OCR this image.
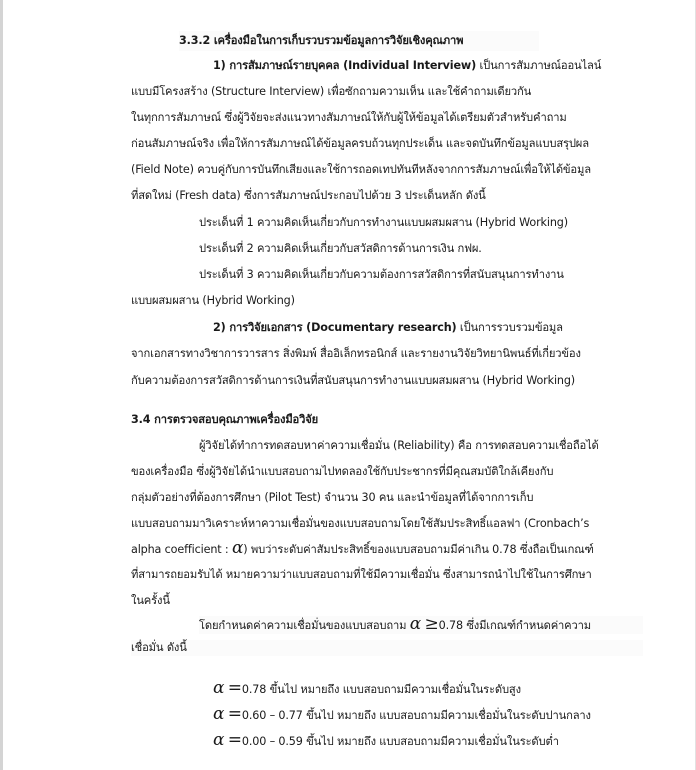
3.3.2 เครื่องมือในการเก็บรวบรวมข้อมูลการวิจัยเชิงคุณภาพ
1) การสัมภาษณ์รายบุคคล (Individual Interview) เป็นการสัมภาษณ์ออนไลน์
แบบมีโครงสร้าง (Structure Interview) เพื่อซักถามความเห็น และใช้คำถามเดียวกัน
ในทุกการสัมภาษณ์ ซึ่งผู้วิจัยจะส่งแนวทางสัมภาษณ์ให้กับผู้ให้ข้อมูลได้เตรียมตัวสำหรับคำถาม
ก่อนสัมภาษณ์จริง เพื่อให้การสัมภาษณ์ได้ข้อมูลครบถ้วนทุกประเด็น และจดบันทึกข้อมูลแบบสรุปผล
(Field Note) ควบคู่กับการบันทึกเสียงและใช้การถอดเทปทันทีหลังจากการสัมภาษณ์เพื่อให้ได้ข้อมูล
ที่สดใหม่ (Fresh data) ซึ่งการสัมภาษณ์ประกอบไปด้วย 3 ประเด็นหลัก ดังนี้
ประเด็นที่ 1 ความคิดเห็นเกี่ยวกับการทำงานแบบผสมผสาน (Hybrid Working)
ประเด็นที่ 2 ความคิดเห็นเกี่ยวกับสวัสดิการด้านการเงิน กฟผ.
ประเด็นที่ 3 ความคิดเห็นเกี่ยวกับความต้องการสวัสดิการที่สนับสนุนการทำงาน
แบบผสมผสาน (Hybrid Working)
2) การวิจัยเอกสาร (Documentary research) เป็นการรวบรวมข้อมูล
จากเอกสารทางวิชาการวารสาร สิ่งพิมพ์ สื่ออิเล็กทรอนิกส์ และรายงานวิจัยวิทยานิพนธ์ที่เกี่ยวข้อง
กับความต้องการสวัสดิการด้านการเงินที่สนับสนุนการทำงานแบบผสมผสาน (Hybrid Working)
3.4 การตรวจสอบคุณภาพเครื่องมือวิจัย
ผู้วิจัยได้ทำการทดสอบหาค่าความเชื่อมั่น (Reliability) คือ การทดสอบความเชื่อถือได้
ของเครื่องมือ ซึ่งผู้วิจัยได้นำแบบสอบถามไปทดลองใช้กับประชากรที่มีคุณสมบัติใกล้เคียงกับ
กลุ่มตัวอย่างที่ต้องการศึกษา (Pilot Test) จำนวน 30 คน และนำข้อมูลที่ได้จากการเก็บ
แบบสอบถามมาวิเคราะห์หาความเชื่อมั่นของแบบสอบถามโดยใช้สัมประสิทธิ์แอลฟา (Cronbach’s
alpha coefficient : α) พบว่าระดับค่าสัมประสิทธิ์ของแบบสอบถามมีค่าเกิน 0.78 ซึ่งถือเป็นเกณฑ์
ที่สามารถยอมรับได้ หมายความว่าแบบสอบถามที่ใช้มีความเชื่อมั่น ซึ่งสามารถนำไปใช้ในการศึกษา
ในครั้งนี้
โดยกำหนดค่าความเชื่อมั่นของแบบสอบถาม α ≥0.78 ซึ่งมีเกณฑ์กำหนดค่าความ
เชื่อมั่น ดังนี้
α =0.78 ขึ้นไป หมายถึง แบบสอบถามมีความเชื่อมั่นในระดับสูง
α =0.60 – 0.77 ขึ้นไป หมายถึง แบบสอบถามมีความเชื่อมั่นในระดับปานกลาง
α =0.00 – 0.59 ขึ้นไป หมายถึง แบบสอบถามมีความเชื่อมั่นในระดับต่ำ
